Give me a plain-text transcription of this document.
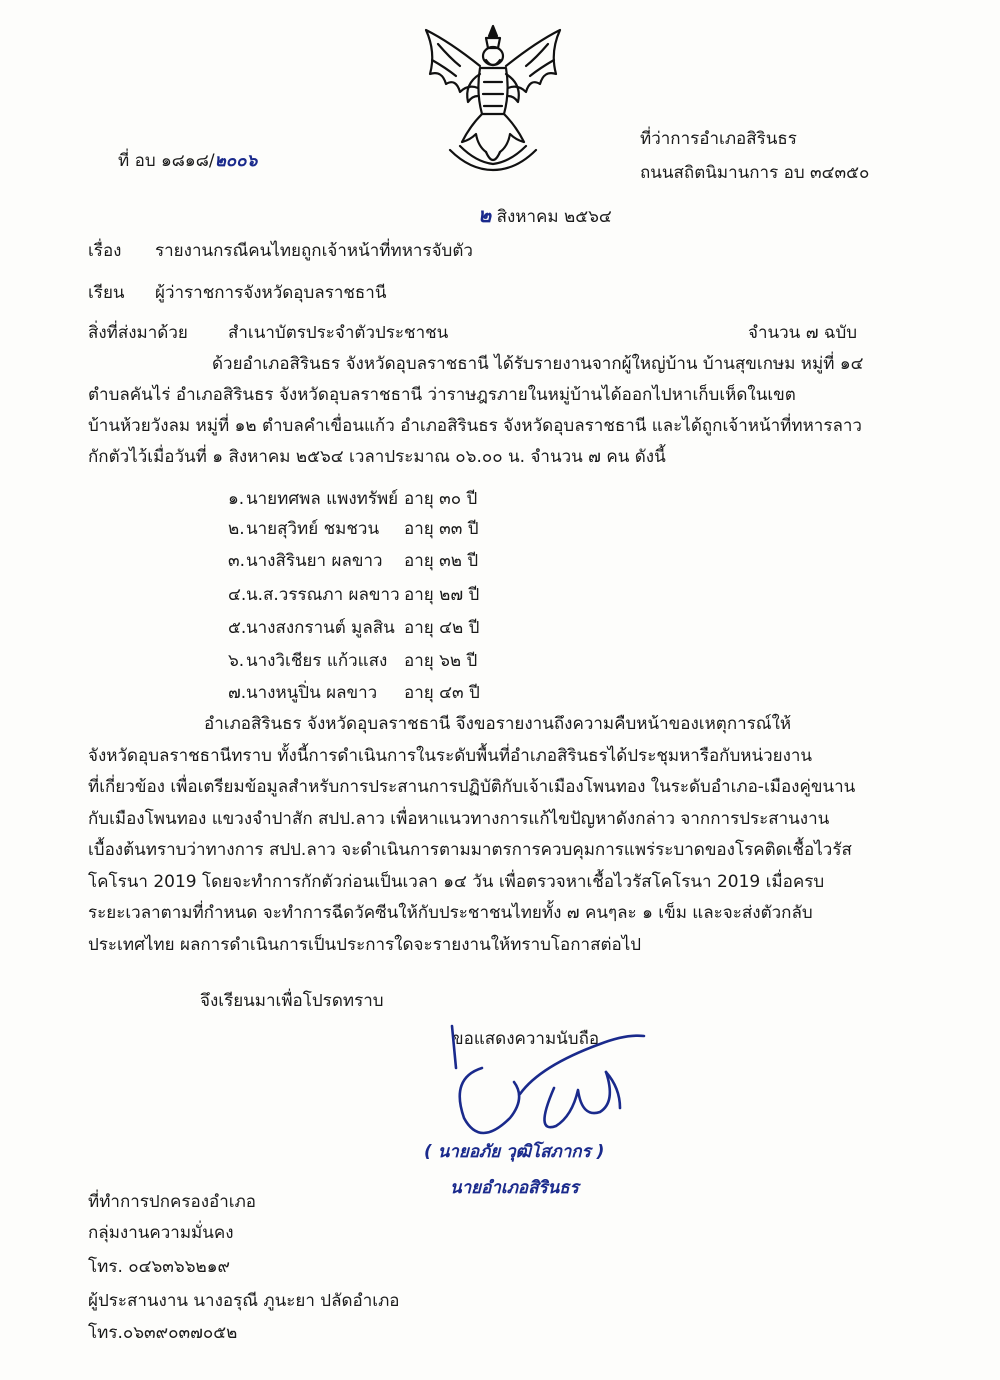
ที่ อบ ๑๘๑๘/๒๐๐๖
ที่ว่าการอำเภอสิรินธร
ถนนสถิตนิมานการ อบ ๓๔๓๕๐
๒ สิงหาคม ๒๕๖๔
เรื่อง รายงานกรณีคนไทยถูกเจ้าหน้าที่ทหารจับตัว
เรียน ผู้ว่าราชการจังหวัดอุบลราชธานี
สิ่งที่ส่งมาด้วย สำเนาบัตรประจำตัวประชาชน	จำนวน ๗ ฉบับ
ด้วยอำเภอสิรินธร จังหวัดอุบลราชธานี ได้รับรายงานจากผู้ใหญ่บ้าน บ้านสุขเกษม หมู่ที่ ๑๔
ตำบลคันไร่ อำเภอสิรินธร จังหวัดอุบลราชธานี ว่าราษฎรภายในหมู่บ้านได้ออกไปหาเก็บเห็ดในเขต
บ้านห้วยวังลม หมู่ที่ ๑๒ ตำบลคำเขื่อนแก้ว อำเภอสิรินธร จังหวัดอุบลราชธานี และได้ถูกเจ้าหน้าที่ทหารลาว
กักตัวไว้เมื่อวันที่ ๑ สิงหาคม ๒๕๖๔ เวลาประมาณ ๐๖.๐๐ น. จำนวน ๗ คน ดังนี้
๑. นายทศพล แพงทรัพย์ อายุ ๓๐ ปี
๒. นายสุวิทย์ ชมชวน อายุ ๓๓ ปี
๓. นางสิรินยา ผลขาว อายุ ๓๒ ปี
๔. น.ส.วรรณภา ผลขาว อายุ ๒๗ ปี
๕. นางสงกรานต์ มูลสิน อายุ ๔๒ ปี
๖. นางวิเชียร แก้วแสง อายุ ๖๒ ปี
๗. นางหนูปิ่น ผลขาว อายุ ๔๓ ปี
อำเภอสิรินธร จังหวัดอุบลราชธานี จึงขอรายงานถึงความคืบหน้าของเหตุการณ์ให้
จังหวัดอุบลราชธานีทราบ ทั้งนี้การดำเนินการในระดับพื้นที่อำเภอสิรินธรได้ประชุมหารือกับหน่วยงาน
ที่เกี่ยวข้อง เพื่อเตรียมข้อมูลสำหรับการประสานการปฏิบัติกับเจ้าเมืองโพนทอง ในระดับอำเภอ-เมืองคู่ขนาน
กับเมืองโพนทอง แขวงจำปาสัก สปป.ลาว เพื่อหาแนวทางการแก้ไขปัญหาดังกล่าว จากการประสานงาน
เบื้องต้นทราบว่าทางการ สปป.ลาว จะดำเนินการตามมาตรการควบคุมการแพร่ระบาดของโรคติดเชื้อไวรัส
โคโรนา 2019 โดยจะทำการกักตัวก่อนเป็นเวลา ๑๔ วัน เพื่อตรวจหาเชื้อไวรัสโคโรนา 2019 เมื่อครบ
ระยะเวลาตามที่กำหนด จะทำการฉีดวัคซีนให้กับประชาชนไทยทั้ง ๗ คนๆละ ๑ เข็ม และจะส่งตัวกลับ
ประเทศไทย ผลการดำเนินการเป็นประการใดจะรายงานให้ทราบโอกาสต่อไป
จึงเรียนมาเพื่อโปรดทราบ
ขอแสดงความนับถือ
( นายอภัย วุฒิโสภากร )
นายอำเภอสิรินธร
ที่ทำการปกครองอำเภอ
กลุ่มงานความมั่นคง
โทร. ๐๔๖๓๖๖๒๑๙
ผู้ประสานงาน นางอรุณี ภูนะยา ปลัดอำเภอ
โทร.๐๖๓๙๐๓๗๐๕๒
